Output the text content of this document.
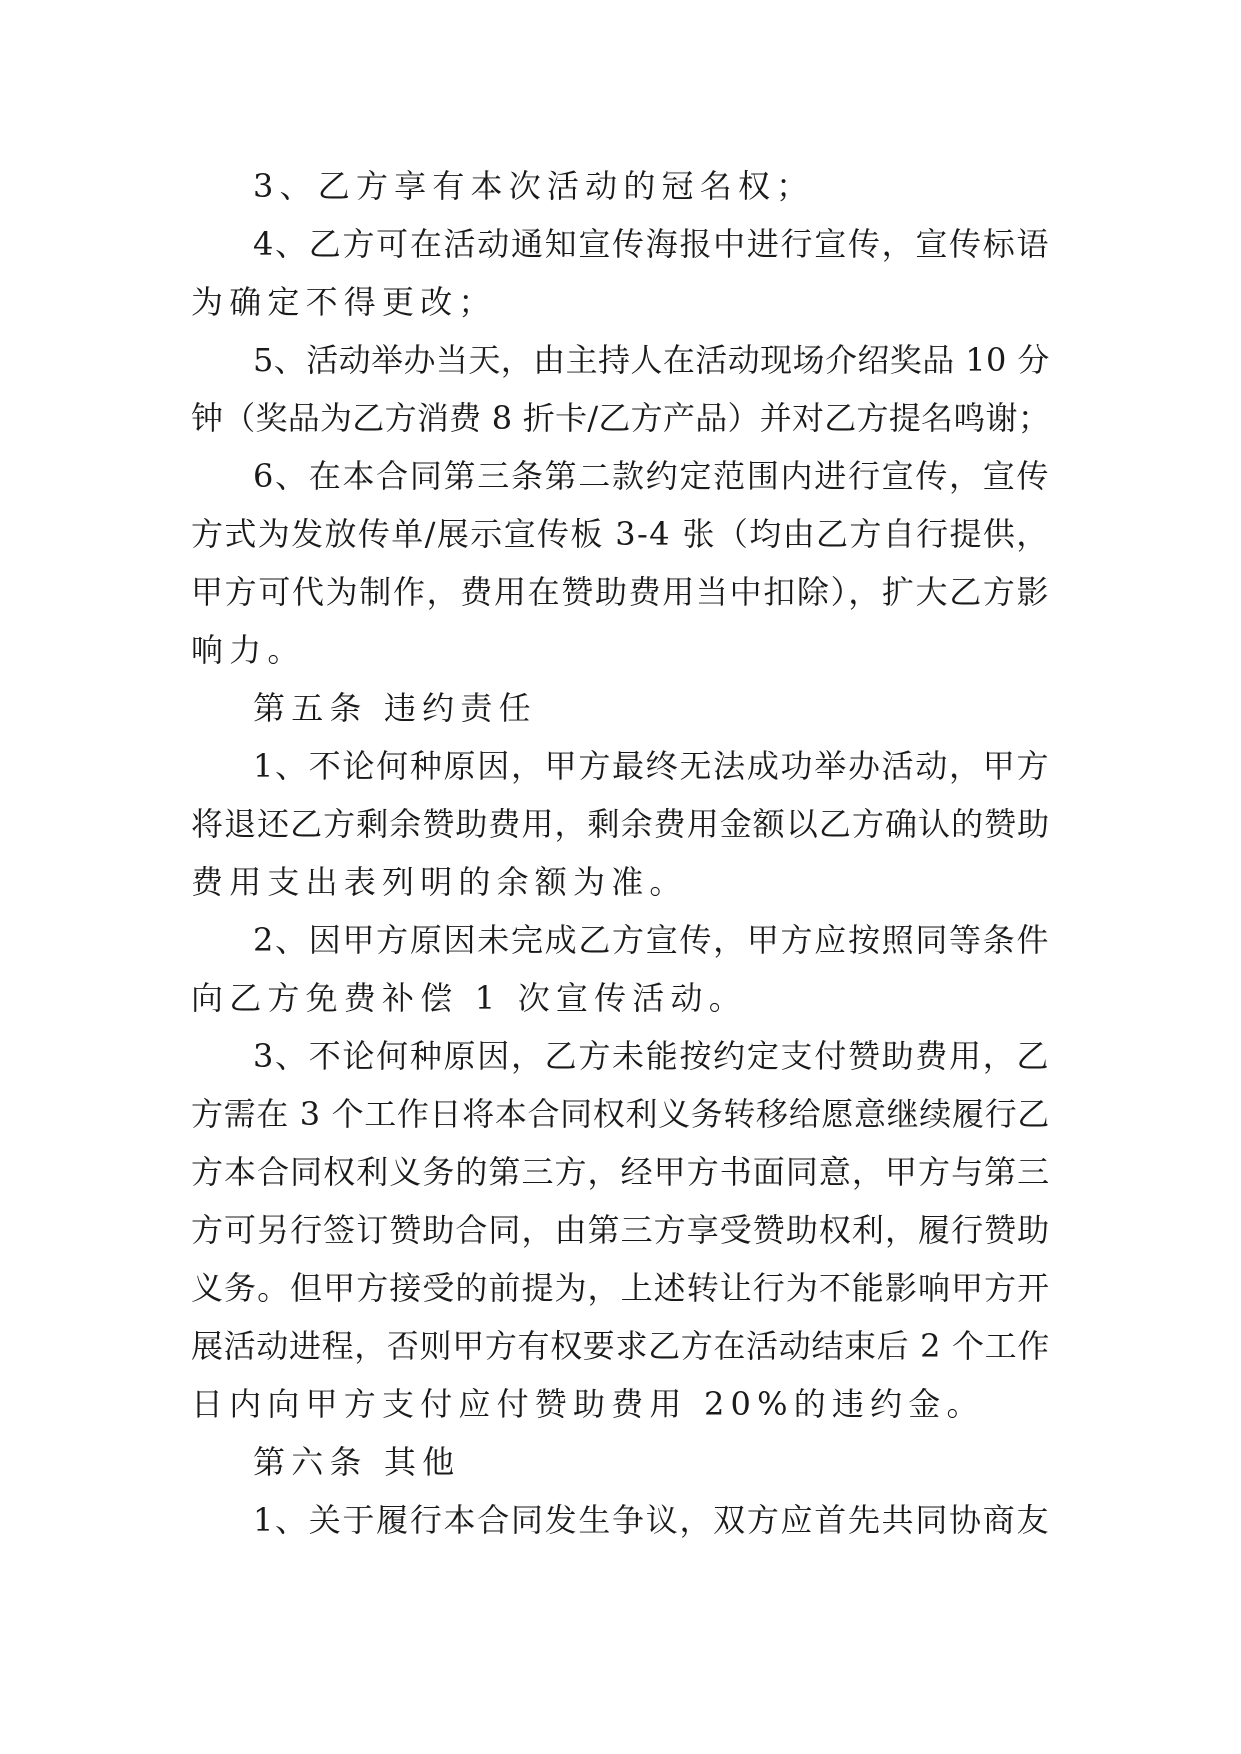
3、乙方享有本次活动的冠名权；
4、乙方可在活动通知宣传海报中进行宣传，宣传标语
为确定不得更改；
5、活动举办当天，由主持人在活动现场介绍奖品 10 分
钟（奖品为乙方消费 8 折卡/乙方产品）并对乙方提名鸣谢；
6、在本合同第三条第二款约定范围内进行宣传，宣传
方式为发放传单/展示宣传板 3-4 张（均由乙方自行提供，
甲方可代为制作，费用在赞助费用当中扣除），扩大乙方影
响力。
第五条 违约责任
1、不论何种原因，甲方最终无法成功举办活动，甲方
将退还乙方剩余赞助费用，剩余费用金额以乙方确认的赞助
费用支出表列明的余额为准。
2、因甲方原因未完成乙方宣传，甲方应按照同等条件
向乙方免费补偿 1 次宣传活动。
3、不论何种原因，乙方未能按约定支付赞助费用，乙
方需在 3 个工作日将本合同权利义务转移给愿意继续履行乙
方本合同权利义务的第三方，经甲方书面同意，甲方与第三
方可另行签订赞助合同，由第三方享受赞助权利，履行赞助
义务。但甲方接受的前提为，上述转让行为不能影响甲方开
展活动进程，否则甲方有权要求乙方在活动结束后 2 个工作
日内向甲方支付应付赞助费用 20%的违约金。
第六条 其他
1、关于履行本合同发生争议，双方应首先共同协商友
